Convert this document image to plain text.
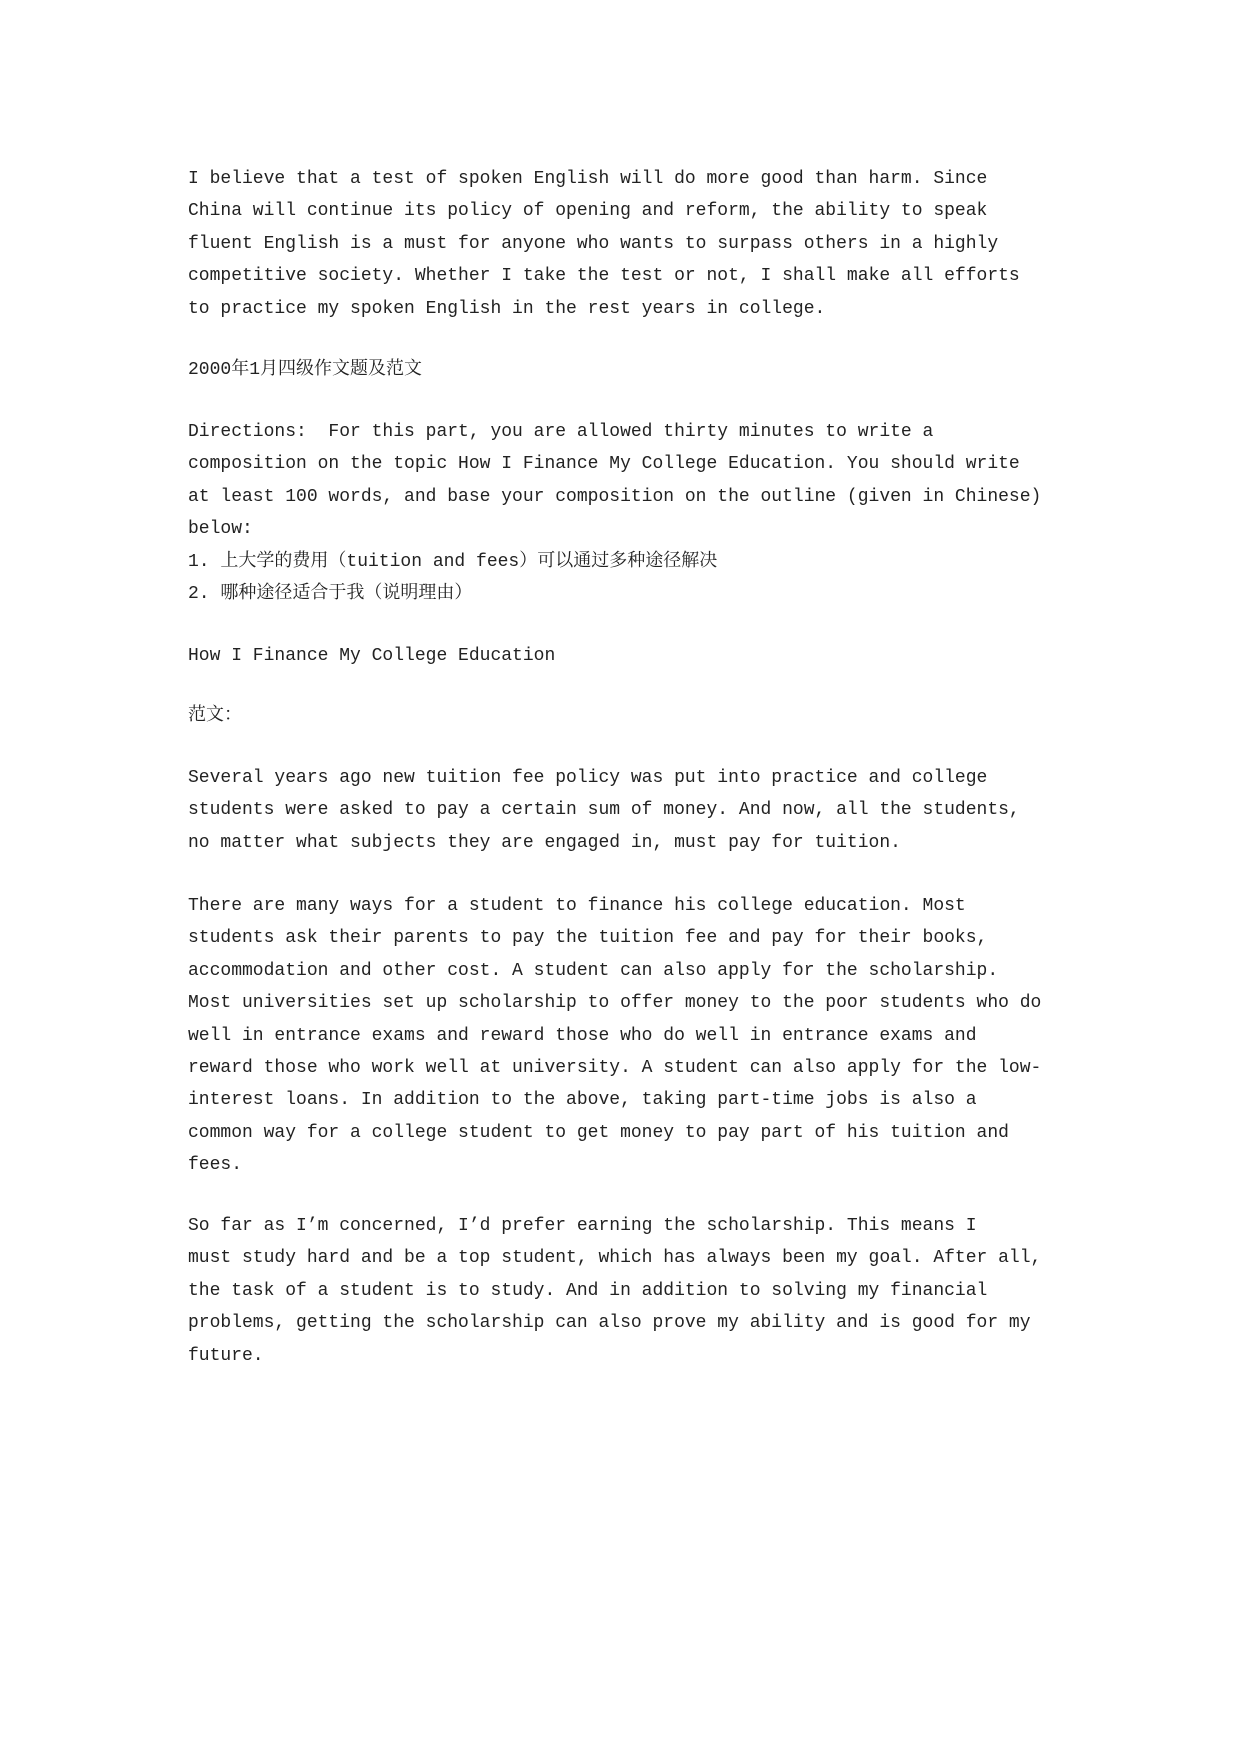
I believe that a test of spoken English will do more good than harm. Since
China will continue its policy of opening and reform, the ability to speak
fluent English is a must for anyone who wants to surpass others in a highly
competitive society. Whether I take the test or not, I shall make all efforts
to practice my spoken English in the rest years in college.
2000年1月四级作文题及范文
Directions:  For this part, you are allowed thirty minutes to write a
composition on the topic How I Finance My College Education. You should write
at least 100 words, and base your composition on the outline (given in Chinese)
below:
1. 上大学的费用（tuition and fees）可以通过多种途径解决
2. 哪种途径适合于我（说明理由）
How I Finance My College Education
范文：
Several years ago new tuition fee policy was put into practice and college
students were asked to pay a certain sum of money. And now, all the students,
no matter what subjects they are engaged in, must pay for tuition.
There are many ways for a student to finance his college education. Most
students ask their parents to pay the tuition fee and pay for their books,
accommodation and other cost. A student can also apply for the scholarship.
Most universities set up scholarship to offer money to the poor students who do
well in entrance exams and reward those who do well in entrance exams and
reward those who work well at university. A student can also apply for the low-
interest loans. In addition to the above, taking part-time jobs is also a
common way for a college student to get money to pay part of his tuition and
fees.
So far as I’m concerned, I’d prefer earning the scholarship. This means I
must study hard and be a top student, which has always been my goal. After all,
the task of a student is to study. And in addition to solving my financial
problems, getting the scholarship can also prove my ability and is good for my
future.
